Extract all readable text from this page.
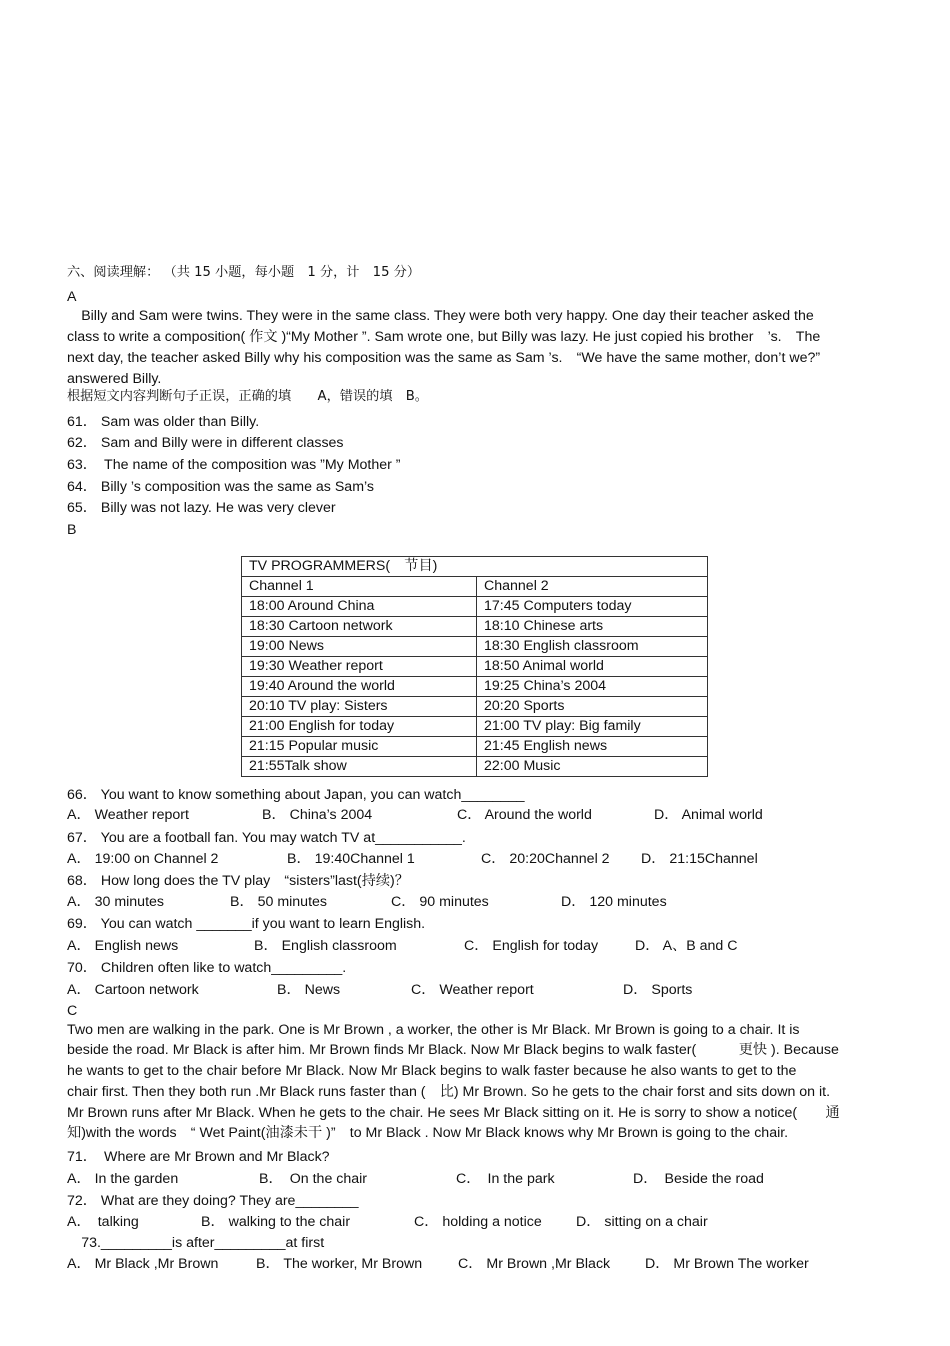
六、阅读理解： （共 15 小题，每小题　1 分，计　15 分）
A
　Billy and Sam were twins. They were in the same class. They were both very happy. One day their teacher asked the
class to write a composition( 作文 )“My Mother ”. Sam wrote one, but Billy was lazy. He just copied his brother　’s.　The
next day, the teacher asked Billy why his composition was the same as Sam ’s.　“We have the same mother, don’t we?”
answered Billy.
根据短文内容判断句子正误，正确的填　　A，错误的填　B。
61． Sam was older than Billy.
62． Sam and Billy were in different classes
63．　The name of the composition was ”My Mother ”
64． Billy ’s composition was the same as Sam’s
65． Billy was not lazy. He was very clever
B
TV PROGRAMMERS(　节目)	
Channel 1	Channel 2
18:00 Around China	17:45 Computers today
18:30 Cartoon network	18:10 Chinese arts
19:00 News	18:30 English classroom
19:30 Weather report	18:50 Animal world
19:40 Around the world	19:25 China’s 2004
20:10 TV play: Sisters	20:20 Sports
21:00 English for today	21:00 TV play: Big family
21:15 Popular music	21:45 English news
21:55Talk show	22:00 Music
66． You want to know something about Japan, you can watch________
A． Weather report	B． China’s 2004	C． Around the world	D． Animal world
67． You are a football fan. You may watch TV at___________.
A． 19:00 on Channel 2	B． 19:40Channel 1	C． 20:20Channel 2 D． 21:15Channel
68． How long does the TV play　“sisters”last(持续)？
A． 30 minutes	B． 50 minutes	C． 90 minutes	D． 120 minutes
69． You can watch _______if you want to learn English.
A． English news	B． English classroom	C． English for today	D． A、B and C
70． Children often like to watch_________.
A． Cartoon network	B． News	C． Weather report	D． Sports
C
Two men are walking in the park. One is Mr Brown , a worker, the other is Mr Black. Mr Brown is going to a chair. It is
beside the road. Mr Black is after him. Mr Brown finds Mr Black. Now Mr Black begins to walk faster(　　　更快 ). Because
he wants to get to the chair before Mr Black. Now Mr Black begins to walk faster because he also wants to get to the
chair first. Then they both run .Mr Black runs faster than (　比) Mr Brown. So he gets to the chair forst and sits down on it.
Mr Brown runs after Mr Black. When he gets to the chair. He sees Mr Black sitting on it. He is sorry to show a notice(　　通
知)with the words　“ Wet Paint(油漆未干 )”　to Mr Black . Now Mr Black knows why Mr Brown is going to the chair.
71．　Where are Mr Brown and Mr Black?
A． In the garden	B．　On the chair	C．　In the park	D．　Beside the road
72． What are they doing? They are________
A．　talking	B． walking to the chair	C． holding a notice D． sitting on a chair
　73._________is after_________at first
A． Mr Black ,Mr Brown	B． The worker, Mr Brown	C． Mr Brown ,Mr Black D． Mr Brown The worker
